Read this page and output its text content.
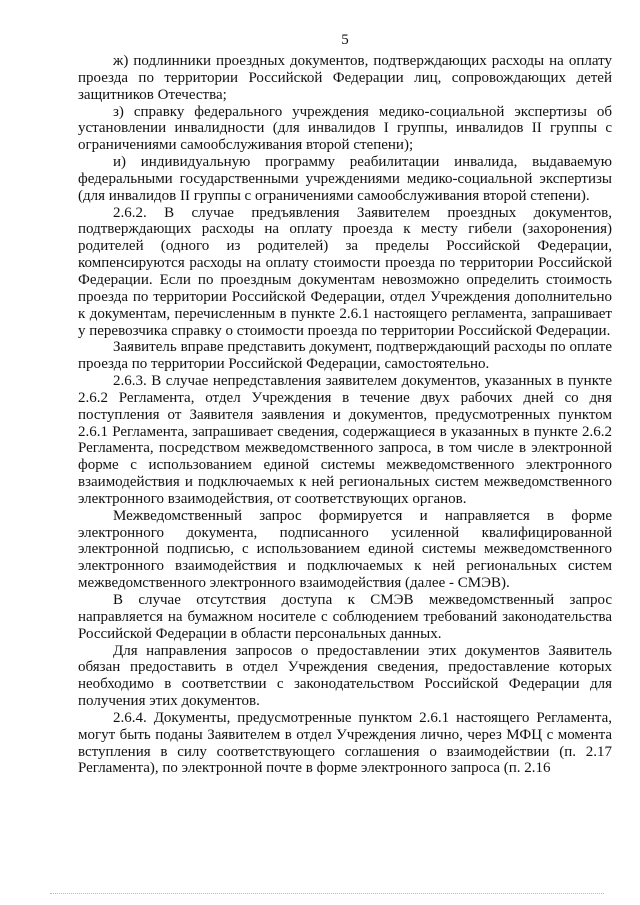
5

ж) подлинники проездных документов, подтверждающих расходы на оплату проезда по территории Российской Федерации лиц, сопровождающих детей защитников Отечества;

з) справку федерального учреждения медико-социальной экспертизы об установлении инвалидности (для инвалидов I группы, инвалидов II группы с ограничениями самообслуживания второй степени);

и) индивидуальную программу реабилитации инвалида, выдаваемую федеральными государственными учреждениями медико-социальной экспертизы (для инвалидов II группы с ограничениями самообслуживания второй степени).

2.6.2. В случае предъявления Заявителем проездных документов, подтверждающих расходы на оплату проезда к месту гибели (захоронения) родителей (одного из родителей) за пределы Российской Федерации, компенсируются расходы на оплату стоимости проезда по территории Российской Федерации. Если по проездным документам невозможно определить стоимость проезда по территории Российской Федерации, отдел Учреждения дополнительно к документам, перечисленным в пункте 2.6.1 настоящего регламента, запрашивает у перевозчика справку о стоимости проезда по территории Российской Федерации.

Заявитель вправе представить документ, подтверждающий расходы по оплате проезда по территории Российской Федерации, самостоятельно.

2.6.3. В случае непредставления заявителем документов, указанных в пункте 2.6.2 Регламента, отдел Учреждения в течение двух рабочих дней со дня поступления от Заявителя заявления и документов, предусмотренных пунктом 2.6.1 Регламента, запрашивает сведения, содержащиеся в указанных в пункте 2.6.2 Регламента, посредством межведомственного запроса, в том числе в электронной форме с использованием единой системы межведомственного электронного взаимодействия и подключаемых к ней региональных систем межведомственного электронного взаимодействия, от соответствующих органов.

Межведомственный запрос формируется и направляется в форме электронного документа, подписанного усиленной квалифицированной электронной подписью, с использованием единой системы межведомственного электронного взаимодействия и подключаемых к ней региональных систем межведомственного электронного взаимодействия (далее - СМЭВ).

В случае отсутствия доступа к СМЭВ межведомственный запрос направляется на бумажном носителе с соблюдением требований законодательства Российской Федерации в области персональных данных.

Для направления запросов о предоставлении этих документов Заявитель обязан предоставить в отдел Учреждения сведения, предоставление которых необходимо в соответствии с законодательством Российской Федерации для получения этих документов.

2.6.4. Документы, предусмотренные пунктом 2.6.1 настоящего Регламента, могут быть поданы Заявителем в отдел Учреждения лично, через МФЦ с момента вступления в силу соответствующего соглашения о взаимодействии (п. 2.17 Регламента), по электронной почте в форме электронного запроса (п. 2.16
